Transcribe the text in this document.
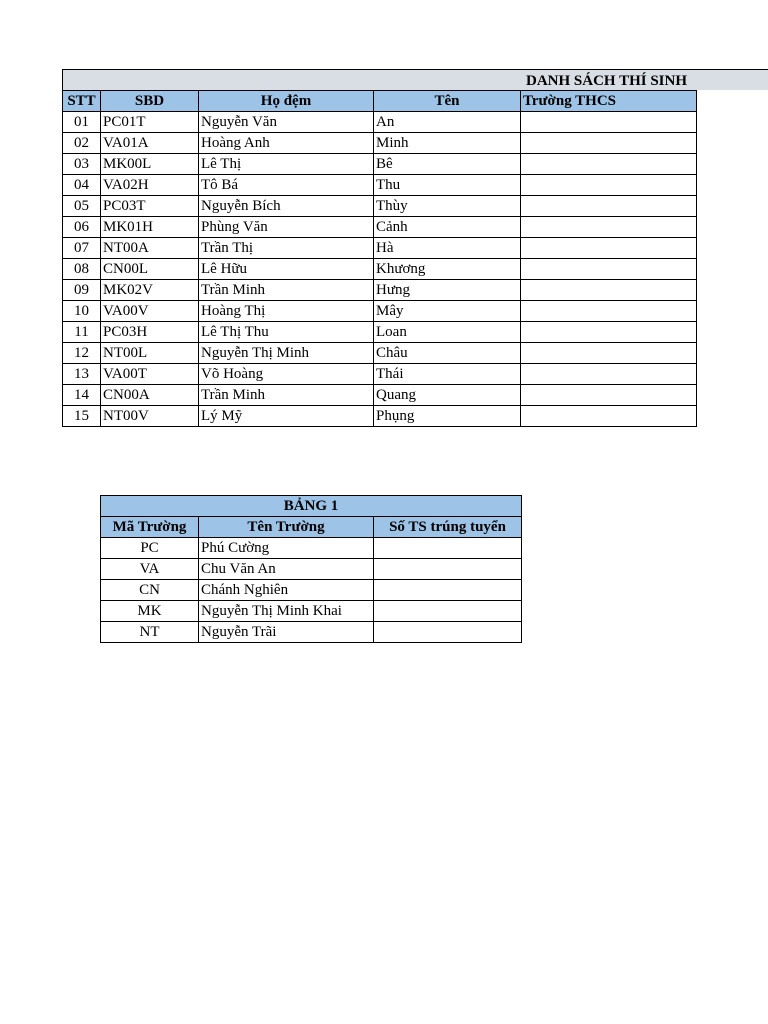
DANH SÁCH THÍ SINH
STT	SBD	Họ đệm	Tên	Trường THCS
01	PC01T	Nguyễn Văn	An	
02	VA01A	Hoàng Anh	Minh	
03	MK00L	Lê Thị	Bê	
04	VA02H	Tô Bá	Thu	
05	PC03T	Nguyễn Bích	Thùy	
06	MK01H	Phùng Văn	Cảnh	
07	NT00A	Trần Thị	Hà	
08	CN00L	Lê Hữu	Khương	
09	MK02V	Trần Minh	Hưng	
10	VA00V	Hoàng Thị	Mây	
11	PC03H	Lê Thị Thu	Loan	
12	NT00L	Nguyễn Thị Minh	Châu	
13	VA00T	Võ Hoàng	Thái	
14	CN00A	Trần Minh	Quang	
15	NT00V	Lý Mỹ	Phụng	
BẢNG 1		
Mã Trường	Tên Trường	Số TS trúng tuyển
PC	Phú Cường	
VA	Chu Văn An	
CN	Chánh Nghiên	
MK	Nguyễn Thị Minh Khai	
NT	Nguyễn Trãi	
